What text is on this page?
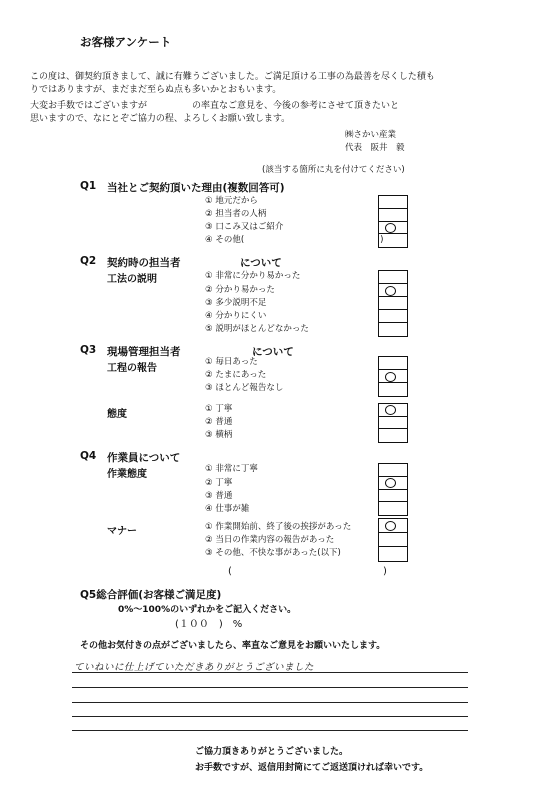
お客様アンケート
この度は、御契約頂きまして、誠に有難うございました。ご満足頂ける工事の為最善を尽くした積も
りではありますが、まだまだ至らぬ点も多いかとおもいます。
大変お手数ではございますが　　　　　の率直なご意見を、今後の参考にさせて頂きたいと
思いますので、なにとぞご協力の程、よろしくお願い致します。
㈱さかい産業
代表　阪井　毅
(該当する箇所に丸を付けてください)
Q1 当社とご契約頂いた理由(複数回答可)
① 地元だから
② 担当者の人柄
③ 口こみ又はご紹介
④ その他(　　　　　　　　　　　　　　　　)
Q2 契約時の担当者	について
工法の説明	① 非常に分かり易かった
② 分かり易かった
③ 多少説明不足
④ 分かりにくい
⑤ 説明がほとんどなかった
Q3 現場管理担当者	について
工程の報告
① 毎日あった
② たまにあった
③ ほとんど報告なし
態度	① 丁寧
② 普通
③ 横柄
Q4 作業員について
作業態度	① 非常に丁寧
② 丁寧
③ 普通
④ 仕事が雑
マナー	① 作業開始前、終了後の挨拶があった
② 当日の作業内容の報告があった
③ その他、不快な事があった(以下)
(	)
Q5総合評価(お客様ご満足度)
0%〜100%のいずれかをご記入ください。
(１００　)　%
その他お気付きの点がございましたら、率直なご意見をお願いいたします。
ていねいに仕上げていただきありがとうございました
ご協力頂きありがとうございました。
お手数ですが、返信用封筒にてご返送頂ければ幸いです。
